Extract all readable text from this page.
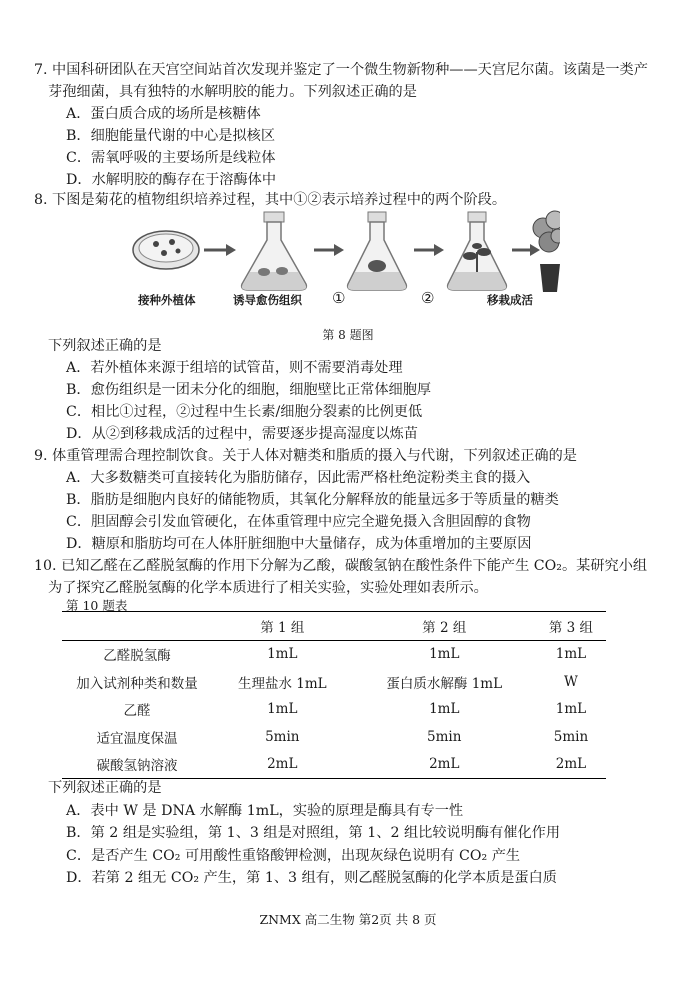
7. 中国科研团队在天宫空间站首次发现并鉴定了一个微生物新物种——天宫尼尔菌。该菌是一类产
芽孢细菌，具有独特的水解明胶的能力。下列叙述正确的是
A．蛋白质合成的场所是核糖体
B．细胞能量代谢的中心是拟核区
C．需氧呼吸的主要场所是线粒体
D．水解明胶的酶存在于溶酶体中
8. 下图是菊花的植物组织培养过程，其中①②表示培养过程中的两个阶段。
接种外植体	诱导愈伤组织 ①	②	移栽成活
第 8 题图
下列叙述正确的是
A．若外植体来源于组培的试管苗，则不需要消毒处理
B．愈伤组织是一团未分化的细胞，细胞壁比正常体细胞厚
C．相比①过程，②过程中生长素/细胞分裂素的比例更低
D．从②到移栽成活的过程中，需要逐步提高湿度以炼苗
9. 体重管理需合理控制饮食。关于人体对糖类和脂质的摄入与代谢，下列叙述正确的是
A．大多数糖类可直接转化为脂肪储存，因此需严格杜绝淀粉类主食的摄入
B．脂肪是细胞内良好的储能物质，其氧化分解释放的能量远多于等质量的糖类
C．胆固醇会引发血管硬化，在体重管理中应完全避免摄入含胆固醇的食物
D．糖原和脂肪均可在人体肝脏细胞中大量储存，成为体重增加的主要原因
10. 已知乙醛在乙醛脱氢酶的作用下分解为乙酸，碳酸氢钠在酸性条件下能产生 CO₂。某研究小组
为了探究乙醛脱氢酶的化学本质进行了相关实验，实验处理如表所示。
第 10 题表
	第 1 组	第 2 组	第 3 组
乙醛脱氢酶	1mL	1mL	1mL
加入试剂种类和数量	生理盐水 1mL	蛋白质水解酶 1mL	W
乙醛	1mL	1mL	1mL
适宜温度保温	5min	5min	5min
碳酸氢钠溶液	2mL	2mL	2mL
下列叙述正确的是
A．表中 W 是 DNA 水解酶 1mL，实验的原理是酶具有专一性
B．第 2 组是实验组，第 1、3 组是对照组，第 1、2 组比较说明酶有催化作用
C．是否产生 CO₂ 可用酸性重铬酸钾检测，出现灰绿色说明有 CO₂ 产生
D．若第 2 组无 CO₂ 产生，第 1、3 组有，则乙醛脱氢酶的化学本质是蛋白质
ZNMX 高二生物 第2页 共 8 页
